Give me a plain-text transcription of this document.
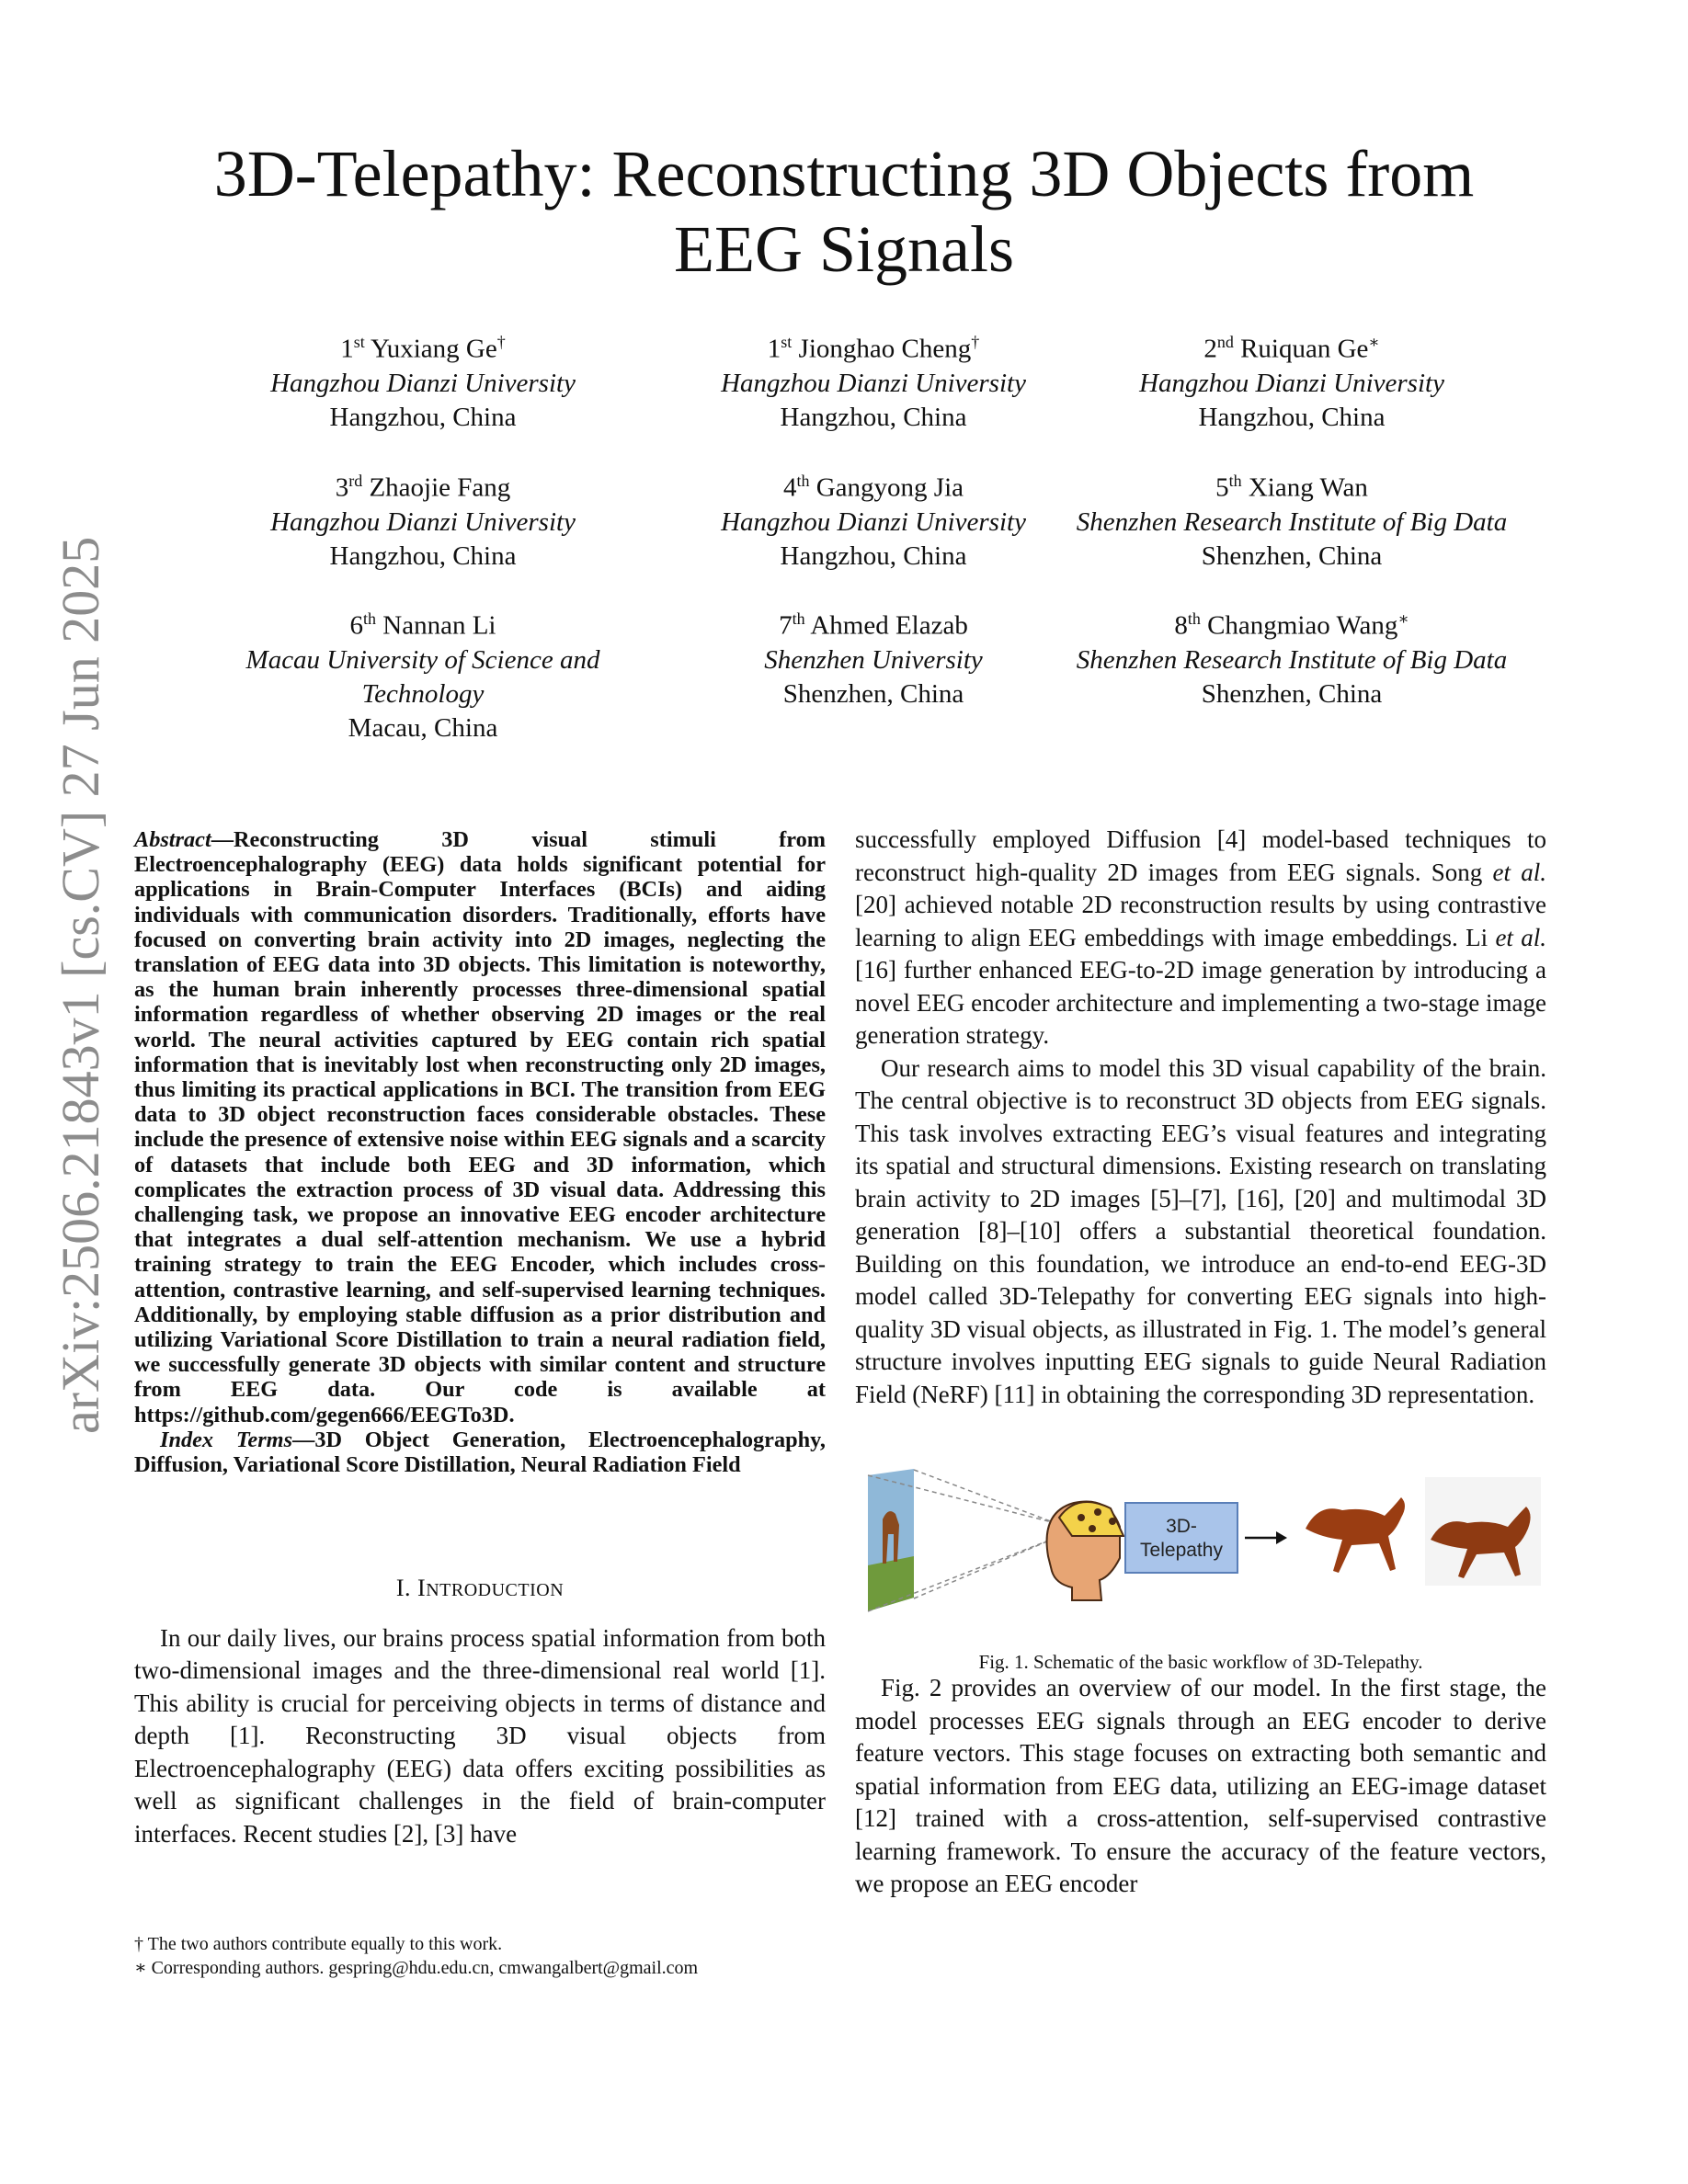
arXiv:2506.21843v1 [cs.CV] 27 Jun 2025
3D-Telepathy: Reconstructing 3D Objects from EEG Signals
1st Yuxiang Ge†
Hangzhou Dianzi University
Hangzhou, China
1st Jionghao Cheng†
Hangzhou Dianzi University
Hangzhou, China
2nd Ruiquan Ge∗
Hangzhou Dianzi University
Hangzhou, China
3rd Zhaojie Fang
Hangzhou Dianzi University
Hangzhou, China
4th Gangyong Jia
Hangzhou Dianzi University
Hangzhou, China
5th Xiang Wan
Shenzhen Research Institute of Big Data
Shenzhen, China
6th Nannan Li
Macau University of Science and Technology
Macau, China
7th Ahmed Elazab
Shenzhen University
Shenzhen, China
8th Changmiao Wang∗
Shenzhen Research Institute of Big Data
Shenzhen, China
Abstract—Reconstructing 3D visual stimuli from Electroencephalography (EEG) data holds significant potential for applications in Brain-Computer Interfaces (BCIs) and aiding individuals with communication disorders. Traditionally, efforts have focused on converting brain activity into 2D images, neglecting the translation of EEG data into 3D objects. This limitation is noteworthy, as the human brain inherently processes three-dimensional spatial information regardless of whether observing 2D images or the real world. The neural activities captured by EEG contain rich spatial information that is inevitably lost when reconstructing only 2D images, thus limiting its practical applications in BCI. The transition from EEG data to 3D object reconstruction faces considerable obstacles. These include the presence of extensive noise within EEG signals and a scarcity of datasets that include both EEG and 3D information, which complicates the extraction process of 3D visual data. Addressing this challenging task, we propose an innovative EEG encoder architecture that integrates a dual self-attention mechanism. We use a hybrid training strategy to train the EEG Encoder, which includes cross-attention, contrastive learning, and self-supervised learning techniques. Additionally, by employing stable diffusion as a prior distribution and utilizing Variational Score Distillation to train a neural radiation field, we successfully generate 3D objects with similar content and structure from EEG data. Our code is available at https://github.com/gegen666/EEGTo3D.
Index Terms—3D Object Generation, Electroencephalography, Diffusion, Variational Score Distillation, Neural Radiation Field
I. INTRODUCTION

In our daily lives, our brains process spatial information from both two-dimensional images and the three-dimensional real world [1]. This ability is crucial for perceiving objects in terms of distance and depth [1]. Reconstructing 3D visual objects from Electroencephalography (EEG) data offers exciting possibilities as well as significant challenges in the field of brain-computer interfaces. Recent studies [2], [3] have

† The two authors contribute equally to this work.
∗ Corresponding authors. gespring@hdu.edu.cn, cmwangalbert@gmail.com

successfully employed Diffusion [4] model-based techniques to reconstruct high-quality 2D images from EEG signals. Song et al. [20] achieved notable 2D reconstruction results by using contrastive learning to align EEG embeddings with image embeddings. Li et al. [16] further enhanced EEG-to-2D image generation by introducing a novel EEG encoder architecture and implementing a two-stage image generation strategy.

Our research aims to model this 3D visual capability of the brain. The central objective is to reconstruct 3D objects from EEG signals. This task involves extracting EEG’s visual features and integrating its spatial and structural dimensions. Existing research on translating brain activity to 2D images [5]–[7], [16], [20] and multimodal 3D generation [8]–[10] offers a substantial theoretical foundation. Building on this foundation, we introduce an end-to-end EEG-3D model called 3D-Telepathy for converting EEG signals into high-quality 3D visual objects, as illustrated in Fig. 1. The model’s general structure involves inputting EEG signals to guide Neural Radiation Field (NeRF) [11] in obtaining the corresponding 3D representation.

3D-
Telepathy
Fig. 1. Schematic of the basic workflow of 3D-Telepathy.

Fig. 2 provides an overview of our model. In the first stage, the model processes EEG signals through an EEG encoder to derive feature vectors. This stage focuses on extracting both semantic and spatial information from EEG data, utilizing an EEG-image dataset [12] trained with a cross-attention, self-supervised contrastive learning framework. To ensure the accuracy of the feature vectors, we propose an EEG encoder
